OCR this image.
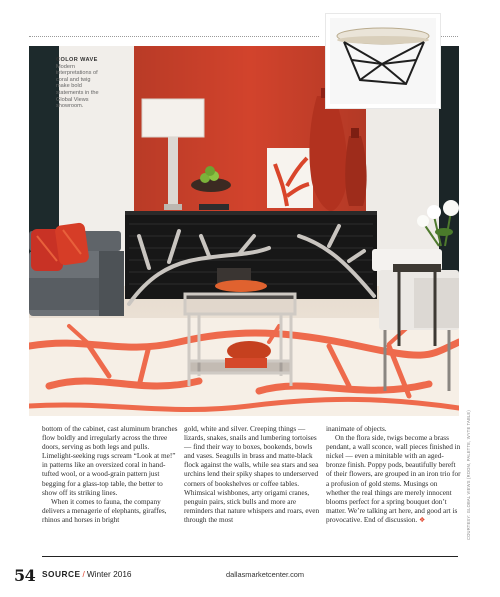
COLOR WAVE
Modern interpretations of coral and twig make bold statements in the Global Views showroom.

bottom of the cabinet, cast aluminum branches flow boldly and irregularly across the three doors, serving as both legs and pulls. Limelight-seeking rugs scream “Look at me!” in patterns like an oversized coral in hand-tufted wool, or a wood-grain pattern just begging for a glass-top table, the better to show off its striking lines.

When it comes to fauna, the company delivers a menagerie of elephants, giraffes, rhinos and horses in bright

gold, white and silver. Creeping things — lizards, snakes, snails and lumbering tortoises — find their way to boxes, bookends, bowls and vases. Seagulls in brass and matte-black flock against the walls, while sea stars and sea urchins lend their spiky shapes to underserved corners of bookshelves or coffee tables. Whimsical wishbones, arty origami cranes, penguin pairs, stick bulls and more are reminders that nature whispers and roars, even through the most

inanimate of objects.

On the flora side, twigs become a brass pendant, a wall sconce, wall pieces finished in nickel — even a minitable with an aged-bronze finish. Poppy pods, beautifully bereft of their flowers, are grouped in an iron trio for a profusion of gold stems. Musings on whether the real things are merely innocent blooms perfect for a spring bouquet don’t matter. We’re talking art here, and good art is provocative. End of discussion. ❖	COURTESY: GLOBAL VIEWS (ROOM, PALETTE, WYTE TABLE)
54 SOURCE / Winter 2016	dallasmarketcenter.com
